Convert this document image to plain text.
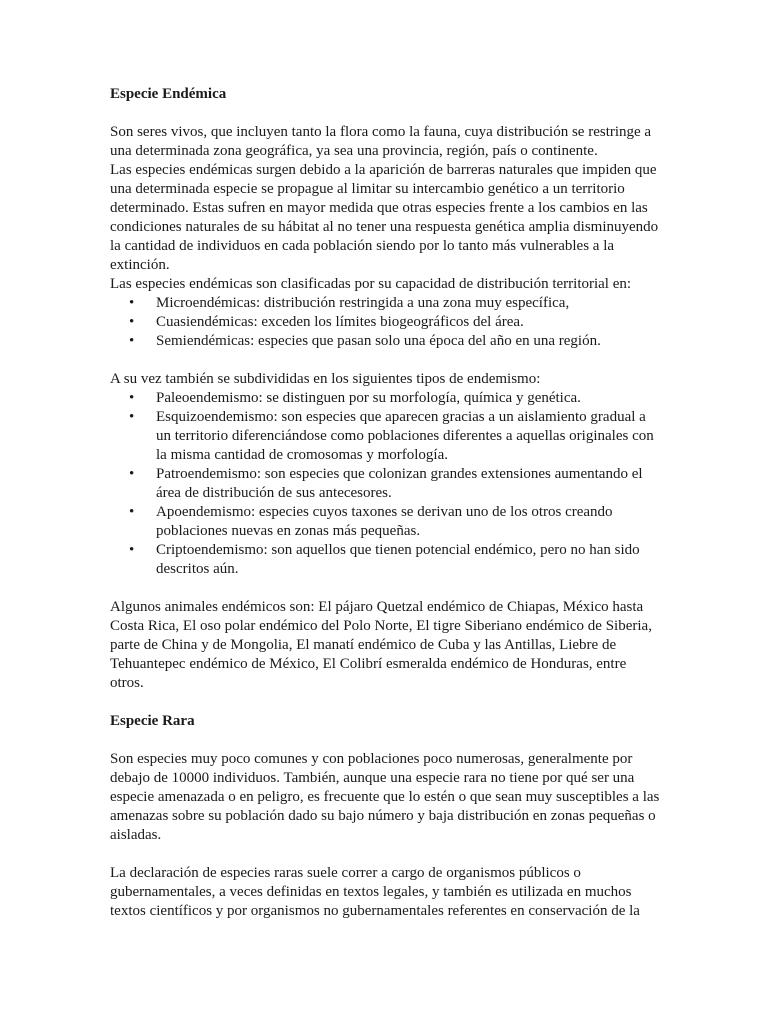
Especie Endémica

Son seres vivos, que incluyen tanto la flora como la fauna, cuya distribución se restringe a una determinada zona geográfica, ya sea una provincia, región, país o continente.

Las especies endémicas surgen debido a la aparición de barreras naturales que impiden que una determinada especie se propague al limitar su intercambio genético a un territorio determinado. Estas sufren en mayor medida que otras especies frente a los cambios en las condiciones naturales de su hábitat al no tener una respuesta genética amplia disminuyendo la cantidad de individuos en cada población siendo por lo tanto más vulnerables a la extinción.

Las especies endémicas son clasificadas por su capacidad de distribución territorial en:

• Microendémicas: distribución restringida a una zona muy específica,
• Cuasiendémicas: exceden los límites biogeográficos del área.
• Semiendémicas: especies que pasan solo una época del año en una región.

A su vez también se subdivididas en los siguientes tipos de endemismo:

• Paleoendemismo: se distinguen por su morfología, química y genética.
• Esquizoendemismo: son especies que aparecen gracias a un aislamiento gradual a un territorio diferenciándose como poblaciones diferentes a aquellas originales con la misma cantidad de cromosomas y morfología.
• Patroendemismo: son especies que colonizan grandes extensiones aumentando el área de distribución de sus antecesores.
• Apoendemismo: especies cuyos taxones se derivan uno de los otros creando poblaciones nuevas en zonas más pequeñas.
• Criptoendemismo: son aquellos que tienen potencial endémico, pero no han sido descritos aún.

Algunos animales endémicos son: El pájaro Quetzal endémico de Chiapas, México hasta Costa Rica, El oso polar endémico del Polo Norte, El tigre Siberiano endémico de Siberia, parte de China y de Mongolia, El manatí endémico de Cuba y las Antillas, Liebre de Tehuantepec endémico de México, El Colibrí esmeralda endémico de Honduras, entre otros.

Especie Rara

Son especies muy poco comunes y con poblaciones poco numerosas, generalmente por debajo de 10000 individuos. También, aunque una especie rara no tiene por qué ser una especie amenazada o en peligro, es frecuente que lo estén o que sean muy susceptibles a las amenazas sobre su población dado su bajo número y baja distribución en zonas pequeñas o aisladas.

La declaración de especies raras suele correr a cargo de organismos públicos o gubernamentales, a veces definidas en textos legales, y también es utilizada en muchos textos científicos y por organismos no gubernamentales referentes en conservación de la
